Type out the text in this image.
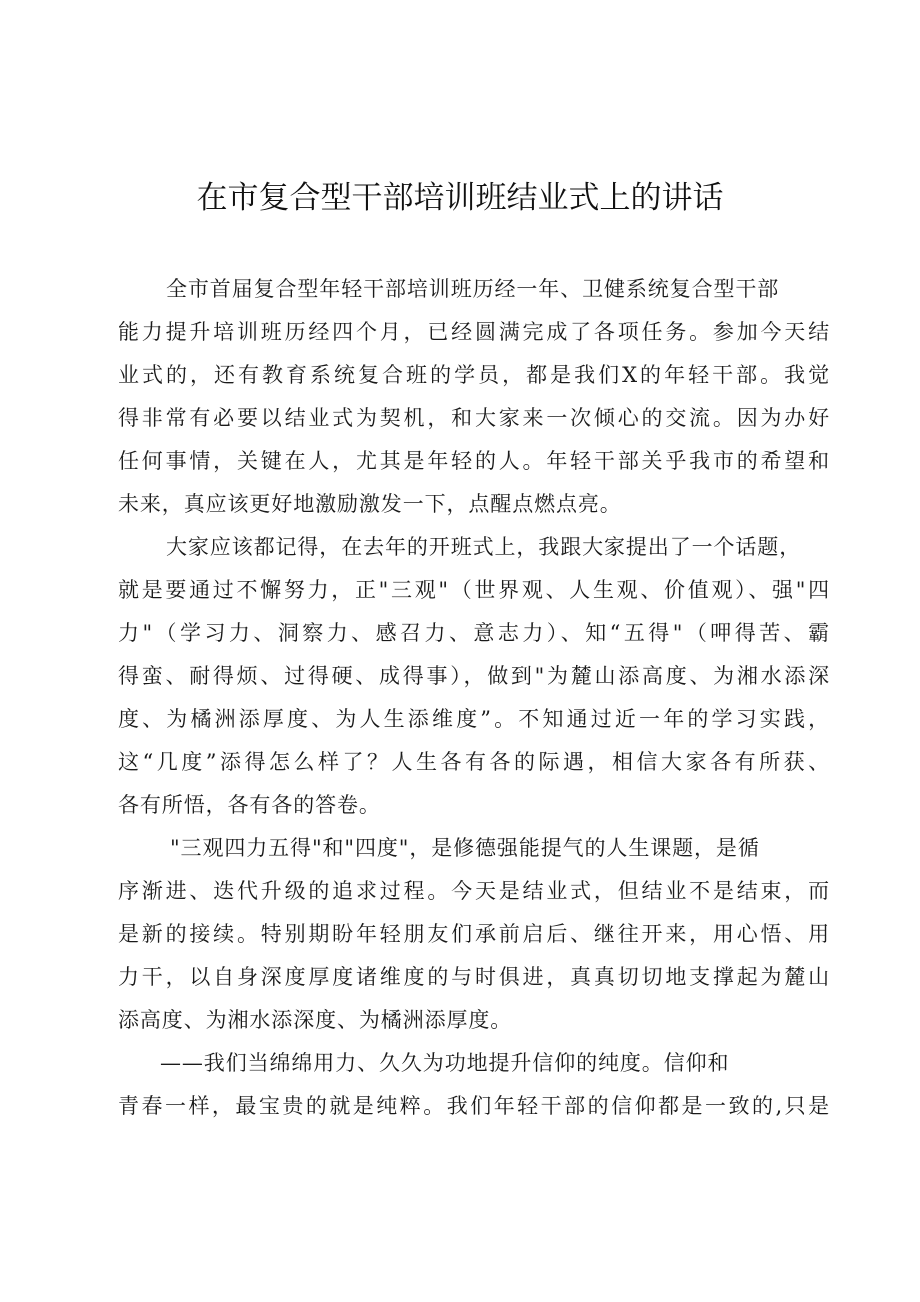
在市复合型干部培训班结业式上的讲话
全市首届复合型年轻干部培训班历经一年、卫健系统复合型干部
能力提升培训班历经四个月，已经圆满完成了各项任务。参加今天结
业式的，还有教育系统复合班的学员，都是我们X的年轻干部。我觉
得非常有必要以结业式为契机，和大家来一次倾心的交流。因为办好
任何事情，关键在人，尤其是年轻的人。年轻干部关乎我市的希望和
未来，真应该更好地激励激发一下，点醒点燃点亮。
大家应该都记得，在去年的开班式上，我跟大家提出了一个话题，
就是要通过不懈努力，正"三观"（世界观、人生观、价值观）、强"四
力"（学习力、洞察力、感召力、意志力）、知“五得"（呷得苦、霸
得蛮、耐得烦、过得硬、成得事），做到"为麓山添高度、为湘水添深
度、为橘洲添厚度、为人生添维度”。不知通过近一年的学习实践，
这“几度”添得怎么样了？人生各有各的际遇，相信大家各有所获、
各有所悟，各有各的答卷。
"三观四力五得"和"四度"，是修德强能提气的人生课题，是循
序渐进、迭代升级的追求过程。今天是结业式，但结业不是结束，而
是新的接续。特别期盼年轻朋友们承前启后、继往开来，用心悟、用
力干，以自身深度厚度诸维度的与时俱进，真真切切地支撑起为麓山
添高度、为湘水添深度、为橘洲添厚度。
——我们当绵绵用力、久久为功地提升信仰的纯度。信仰和
青春一样，最宝贵的就是纯粹。我们年轻干部的信仰都是一致的,只是
